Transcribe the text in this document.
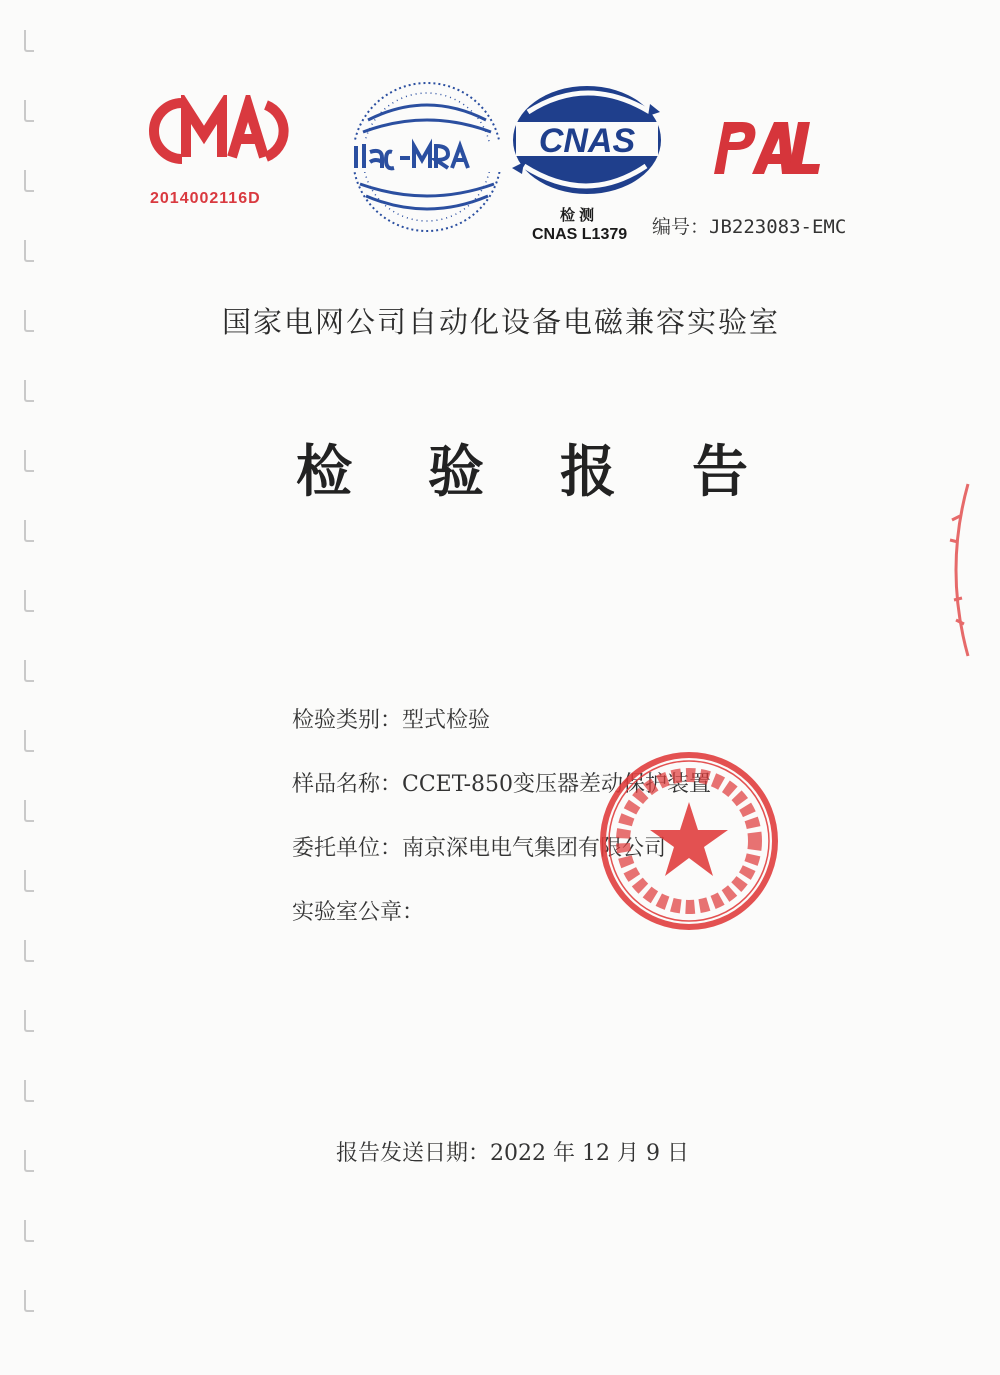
2014002116D
CNAS
检 测
CNAS L1379 编号：JB223083-EMC
国家电网公司自动化设备电磁兼容实验室
检 验 报 告
检验类别：型式检验
样品名称：CCET-850变压器差动保护装置
委托单位：南京深电电气集团有限公司
实验室公章：
报告发送日期：2022 年 12 月 9 日
